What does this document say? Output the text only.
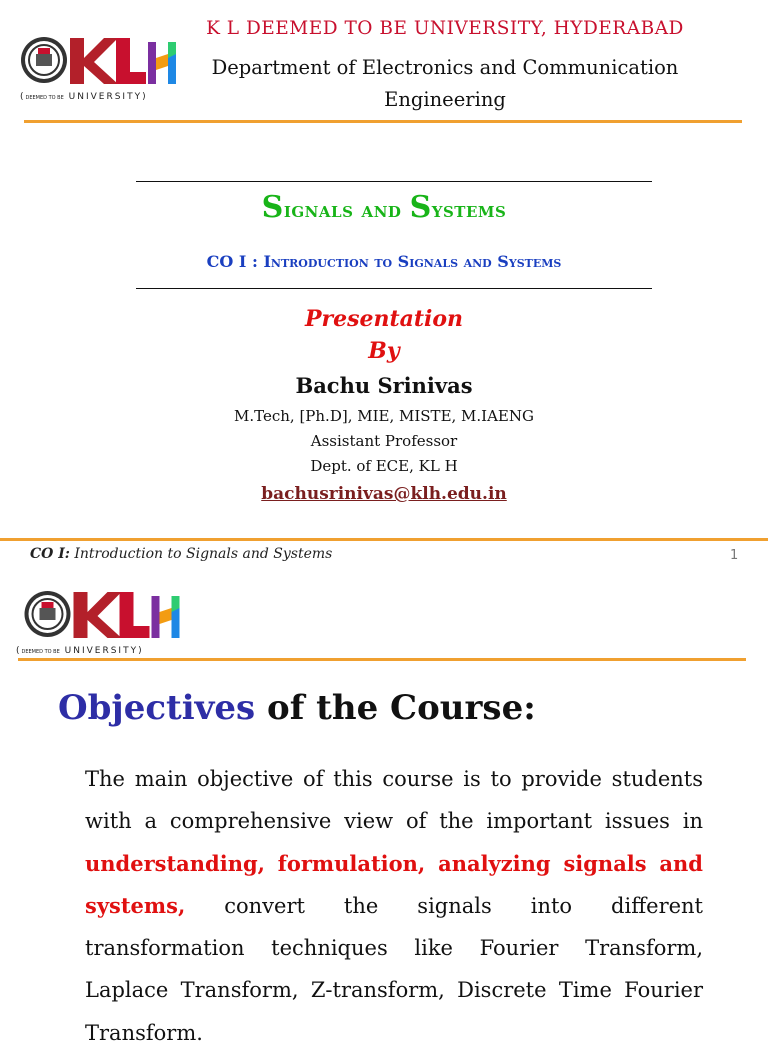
(DEEMED TO BE UNIVERSITY)
K L DEEMED TO BE UNIVERSITY, HYDERABAD
Department of Electronics and Communication
Engineering
Signals and Systems
CO I : Introduction to Signals and Systems
Presentation
By
Bachu Srinivas
M.Tech, [Ph.D], MIE, MISTE, M.IAENG
Assistant Professor
Dept. of ECE, KL H
bachusrinivas@klh.edu.in
CO I: Introduction to Signals and Systems	1
(DEEMED TO BE UNIVERSITY)
Objectives of the Course:
The main objective of this course is to provide students with a comprehensive view of the important issues in understanding, formulation, analyzing signals and systems, convert the signals into different transformation techniques like Fourier Transform, Laplace Transform, Z-transform, Discrete Time Fourier Transform.
